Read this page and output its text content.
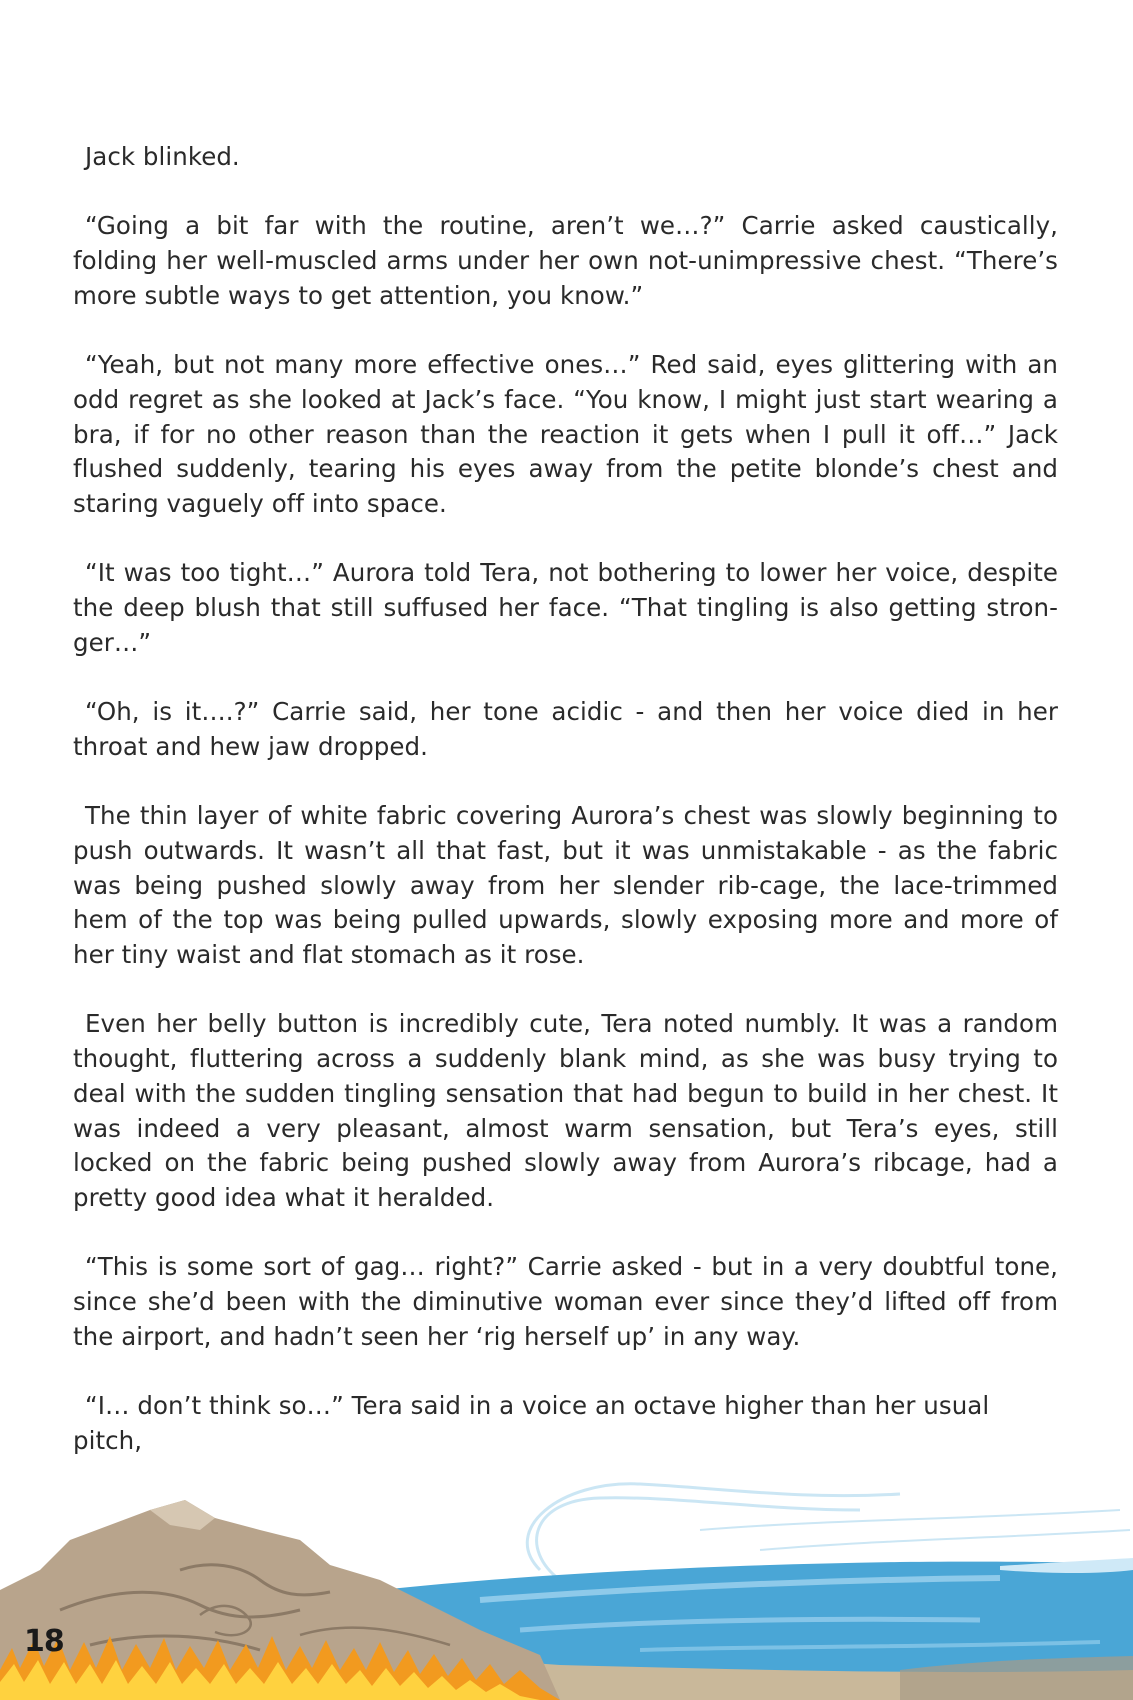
Jack blinked.

“Going a bit far with the routine, aren’t we…?” Carrie asked caustically, folding her well-muscled arms under her own not-unimpressive chest. “There’s more subtle ways to get attention, you know.”

“Yeah, but not many more effective ones…” Red said, eyes glittering with an odd regret as she looked at Jack’s face. “You know, I might just start wearing a bra, if for no other reason than the reaction it gets when I pull it off…” Jack flushed suddenly, tearing his eyes away from the petite blonde’s chest and staring vaguely off into space.

“It was too tight…” Aurora told Tera, not bothering to lower her voice, despite the deep blush that still suffused her face. “That tingling is also getting stron-ger…”

“Oh, is it….?” Carrie said, her tone acidic - and then her voice died in her throat and hew jaw dropped.

The thin layer of white fabric covering Aurora’s chest was slowly beginning to push outwards. It wasn’t all that fast, but it was unmistakable - as the fabric was being pushed slowly away from her slender rib-cage, the lace-trimmed hem of the top was being pulled upwards, slowly exposing more and more of her tiny waist and flat stomach as it rose.

Even her belly button is incredibly cute, Tera noted numbly. It was a random thought, fluttering across a suddenly blank mind, as she was busy trying to deal with the sudden tingling sensation that had begun to build in her chest. It was indeed a very pleasant, almost warm sensation, but Tera’s eyes, still locked on the fabric being pushed slowly away from Aurora’s ribcage, had a pretty good idea what it heralded.

“This is some sort of gag… right?” Carrie asked - but in a very doubtful tone, since she’d been with the diminutive woman ever since they’d lifted off from the airport, and hadn’t seen her ‘rig herself up’ in any way.

“I… don’t think so…” Tera said in a voice an octave higher than her usual pitch,

18
